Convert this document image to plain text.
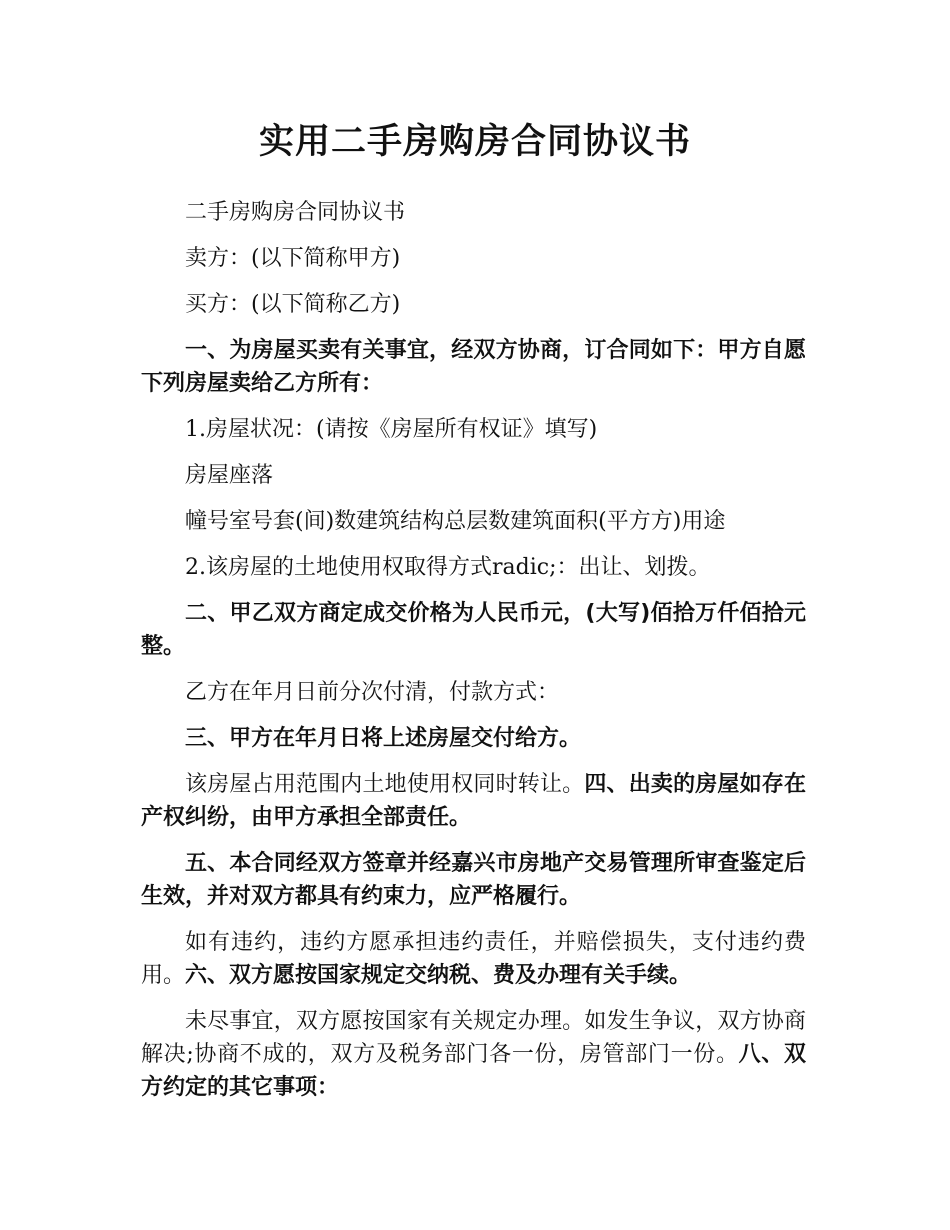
实用二手房购房合同协议书

二手房购房合同协议书

卖方：(以下简称甲方)

买方：(以下简称乙方)

一、为房屋买卖有关事宜，经双方协商，订合同如下：甲方自愿下列房屋卖给乙方所有：

1.房屋状况：(请按《房屋所有权证》填写)

房屋座落

幢号室号套(间)数建筑结构总层数建筑面积(平方方)用途

2.该房屋的土地使用权取得方式radic;：出让、划拨。

二、甲乙双方商定成交价格为人民币元，(大写)佰拾万仟佰拾元整。

乙方在年月日前分次付清，付款方式：

三、甲方在年月日将上述房屋交付给方。

该房屋占用范围内土地使用权同时转让。四、出卖的房屋如存在产权纠纷，由甲方承担全部责任。

五、本合同经双方签章并经嘉兴市房地产交易管理所审查鉴定后生效，并对双方都具有约束力，应严格履行。

如有违约，违约方愿承担违约责任，并赔偿损失，支付违约费用。六、双方愿按国家规定交纳税、费及办理有关手续。

未尽事宜，双方愿按国家有关规定办理。如发生争议，双方协商解决;协商不成的，双方及税务部门各一份，房管部门一份。八、双方约定的其它事项：
